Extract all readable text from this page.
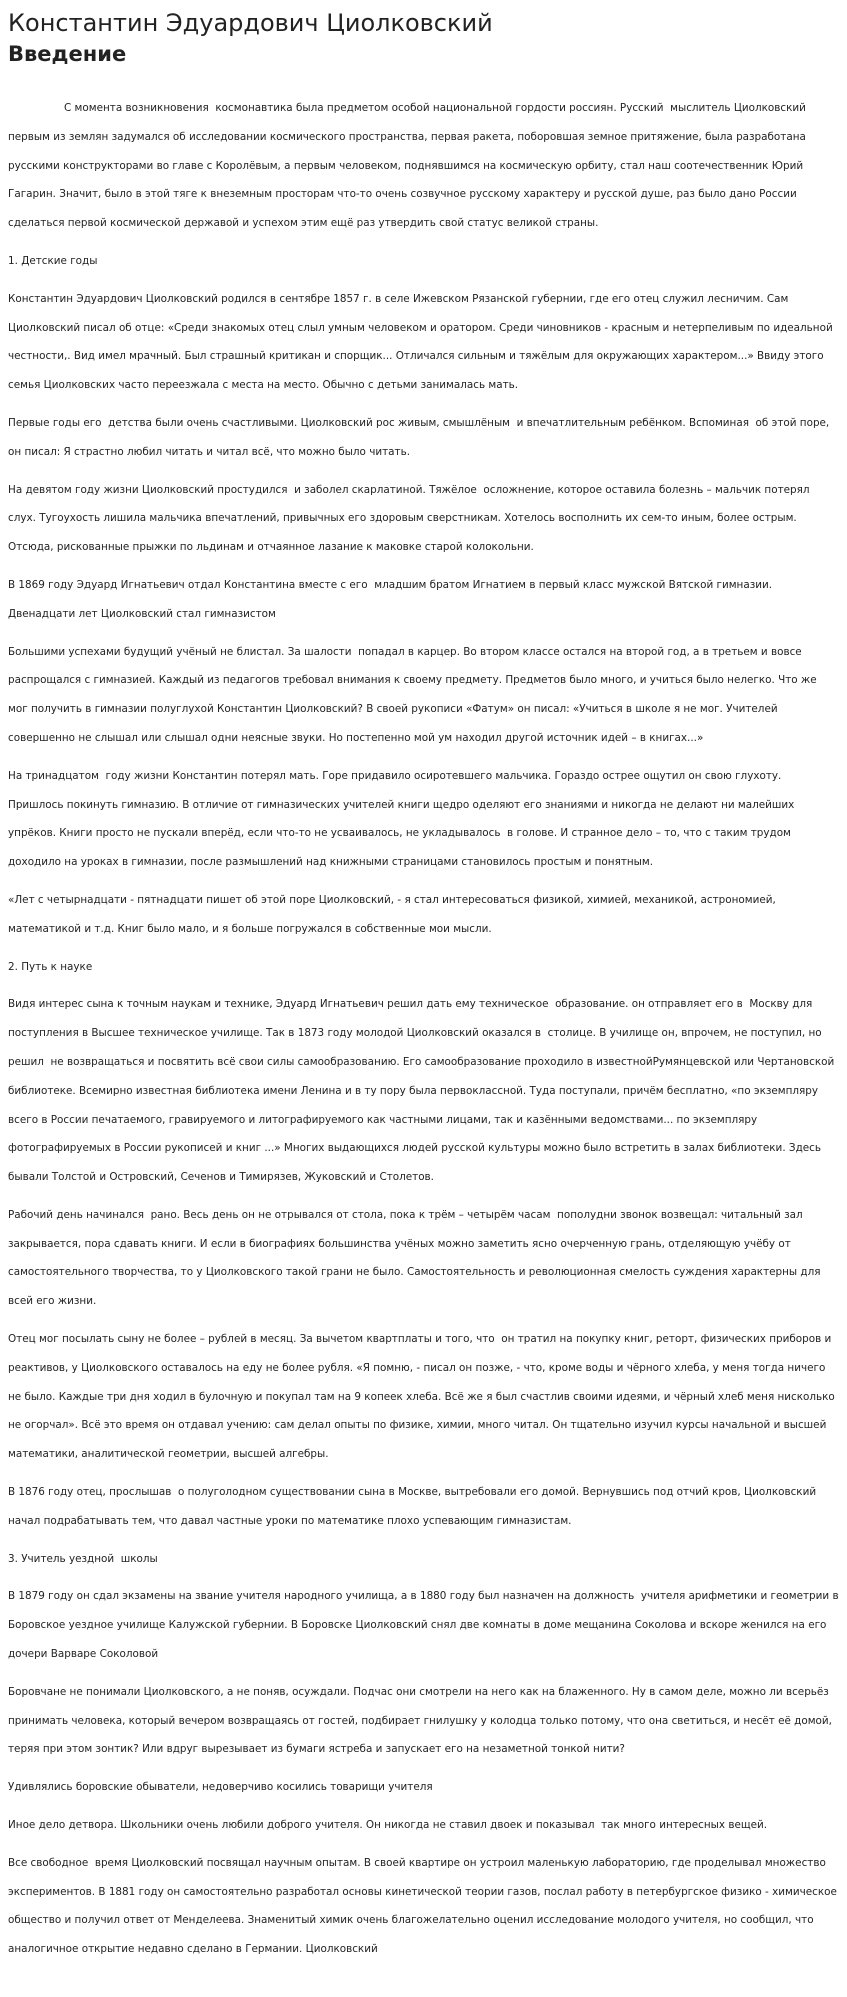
Константин Эдуардович Циолковский
Введение

С момента возникновения  космонавтика была предметом особой национальной гордости россиян. Русский  мыслитель Циолковский первым из землян задумался об исследовании космического пространства, первая ракета, поборовшая земное притяжение, была разработана русскими конструкторами во главе с Королёвым, а первым человеком, поднявшимся на космическую орбиту, стал наш соотечественник Юрий Гагарин. Значит, было в этой тяге к внеземным просторам что-то очень созвучное русскому характеру и русской душе, раз было дано России сделаться первой космической державой и успехом этим ещё раз утвердить свой статус великой страны.

1. Детские годы

Константин Эдуардович Циолковский родился в сентябре 1857 г. в селе Ижевском Рязанской губернии, где его отец служил лесничим. Сам Циолковский писал об отце: «Среди знакомых отец слыл умным человеком и оратором. Среди чиновников - красным и нетерпеливым по идеальной честности,. Вид имел мрачный. Был страшный критикан и спорщик... Отличался сильным и тяжёлым для окружающих характером...» Ввиду этого семья Циолковских часто переезжала с места на место. Обычно с детьми занималась мать.

Первые годы его  детства были очень счастливыми. Циолковский рос живым, смышлёным  и впечатлительным ребёнком. Вспоминая  об этой поре, он писал: Я страстно любил читать и читал всё, что можно было читать.

На девятом году жизни Циолковский простудился  и заболел скарлатиной. Тяжёлое  осложнение, которое оставила болезнь – мальчик потерял слух. Тугоухость лишила мальчика впечатлений, привычных его здоровым сверстникам. Хотелось восполнить их сем-то иным, более острым. Отсюда, рискованные прыжки по льдинам и отчаянное лазание к маковке старой колокольни.

В 1869 году Эдуард Игнатьевич отдал Константина вместе с его  младшим братом Игнатием в первый класс мужской Вятской гимназии. Двенадцати лет Циолковский стал гимназистом

Большими успехами будущий учёный не блистал. За шалости  попадал в карцер. Во втором классе остался на второй год, а в третьем и вовсе распрощался с гимназией. Каждый из педагогов требовал внимания к своему предмету. Предметов было много, и учиться было нелегко. Что же мог получить в гимназии полуглухой Константин Циолковский? В своей рукописи «Фатум» он писал: «Учиться в школе я не мог. Учителей совершенно не слышал или слышал одни неясные звуки. Но постепенно мой ум находил другой источник идей – в книгах...»

На тринадцатом  году жизни Константин потерял мать. Горе придавило осиротевшего мальчика. Гораздо острее ощутил он свою глухоту. Пришлось покинуть гимназию. В отличие от гимназических учителей книги щедро оделяют его знаниями и никогда не делают ни малейших упрёков. Книги просто не пускали вперёд, если что-то не усваивалось, не укладывалось  в голове. И странное дело – то, что с таким трудом доходило на уроках в гимназии, после размышлений над книжными страницами становилось простым и понятным.

«Лет с четырнадцати - пятнадцати пишет об этой поре Циолковский, - я стал интересоваться физикой, химией, механикой, астрономией, математикой и т.д. Книг было мало, и я больше погружался в собственные мои мысли.

2. Путь к науке

Видя интерес сына к точным наукам и технике, Эдуард Игнатьевич решил дать ему техническое  образование. он отправляет его в  Москву для поступления в Высшее техническое училище. Так в 1873 году молодой Циолковский оказался в  столице. В училище он, впрочем, не поступил, но решил  не возвращаться и посвятить всё свои силы самообразованию. Его самообразование проходило в известнойРумянцевской или Чертановской библиотеке. Всемирно известная библиотека имени Ленина и в ту пору была первоклассной. Туда поступали, причём бесплатно, «по экземпляру всего в России печатаемого, гравируемого и литографируемого как частными лицами, так и казёнными ведомствами... по экземпляру фотографируемых в России рукописей и книг ...» Многих выдающихся людей русской культуры можно было встретить в залах библиотеки. Здесь бывали Толстой и Островский, Сеченов и Тимирязев, Жуковский и Столетов.

Рабочий день начинался  рано. Весь день он не отрывался от стола, пока к трём – четырём часам  пополудни звонок возвещал: читальный зал закрывается, пора сдавать книги. И если в биографиях большинства учёных можно заметить ясно очерченную грань, отделяющую учёбу от самостоятельного творчества, то у Циолковского такой грани не было. Самостоятельность и революционная смелость суждения характерны для всей его жизни.

Отец мог посылать сыну не более – рублей в месяц. За вычетом квартплаты и того, что  он тратил на покупку книг, реторт, физических приборов и реактивов, у Циолковского оставалось на еду не более рубля. «Я помню, - писал он позже, - что, кроме воды и чёрного хлеба, у меня тогда ничего не было. Каждые три дня ходил в булочную и покупал там на 9 копеек хлеба. Всё же я был счастлив своими идеями, и чёрный хлеб меня нисколько не огорчал». Всё это время он отдавал учению: сам делал опыты по физике, химии, много читал. Он тщательно изучил курсы начальной и высшей математики, аналитической геометрии, высшей алгебры.

В 1876 году отец, прослышав  о полуголодном существовании сына в Москве, вытребовали его домой. Вернувшись под отчий кров, Циолковский начал подрабатывать тем, что давал частные уроки по математике плохо успевающим гимназистам.

3. Учитель уездной  школы

В 1879 году он сдал экзамены на звание учителя народного училища, а в 1880 году был назначен на должность  учителя арифметики и геометрии в Боровское уездное училище Калужской губернии. В Боровске Циолковский снял две комнаты в доме мещанина Соколова и вскоре женился на его дочери Варваре Соколовой

Боровчане не понимали Циолковского, а не поняв, осуждали. Подчас они смотрели на него как на блаженного. Ну в самом деле, можно ли всерьёз принимать человека, который вечером возвращаясь от гостей, подбирает гнилушку у колодца только потому, что она светиться, и несёт её домой, теряя при этом зонтик? Или вдруг вырезывает из бумаги ястреба и запускает его на незаметной тонкой нити?

Удивлялись боровские обыватели, недоверчиво косились товарищи учителя

Иное дело детвора. Школьники очень любили доброго учителя. Он никогда не ставил двоек и показывал  так много интересных вещей.

Все свободное  время Циолковский посвящал научным опытам. В своей квартире он устроил маленькую лабораторию, где проделывал множество экспериментов. В 1881 году он самостоятельно разработал основы кинетической теории газов, послал работу в петербургское физико - химическое общество и получил ответ от Менделеева. Знаменитый химик очень благожелательно оценил исследование молодого учителя, но сообщил, что аналогичное открытие недавно сделано в Германии. Циолковский
